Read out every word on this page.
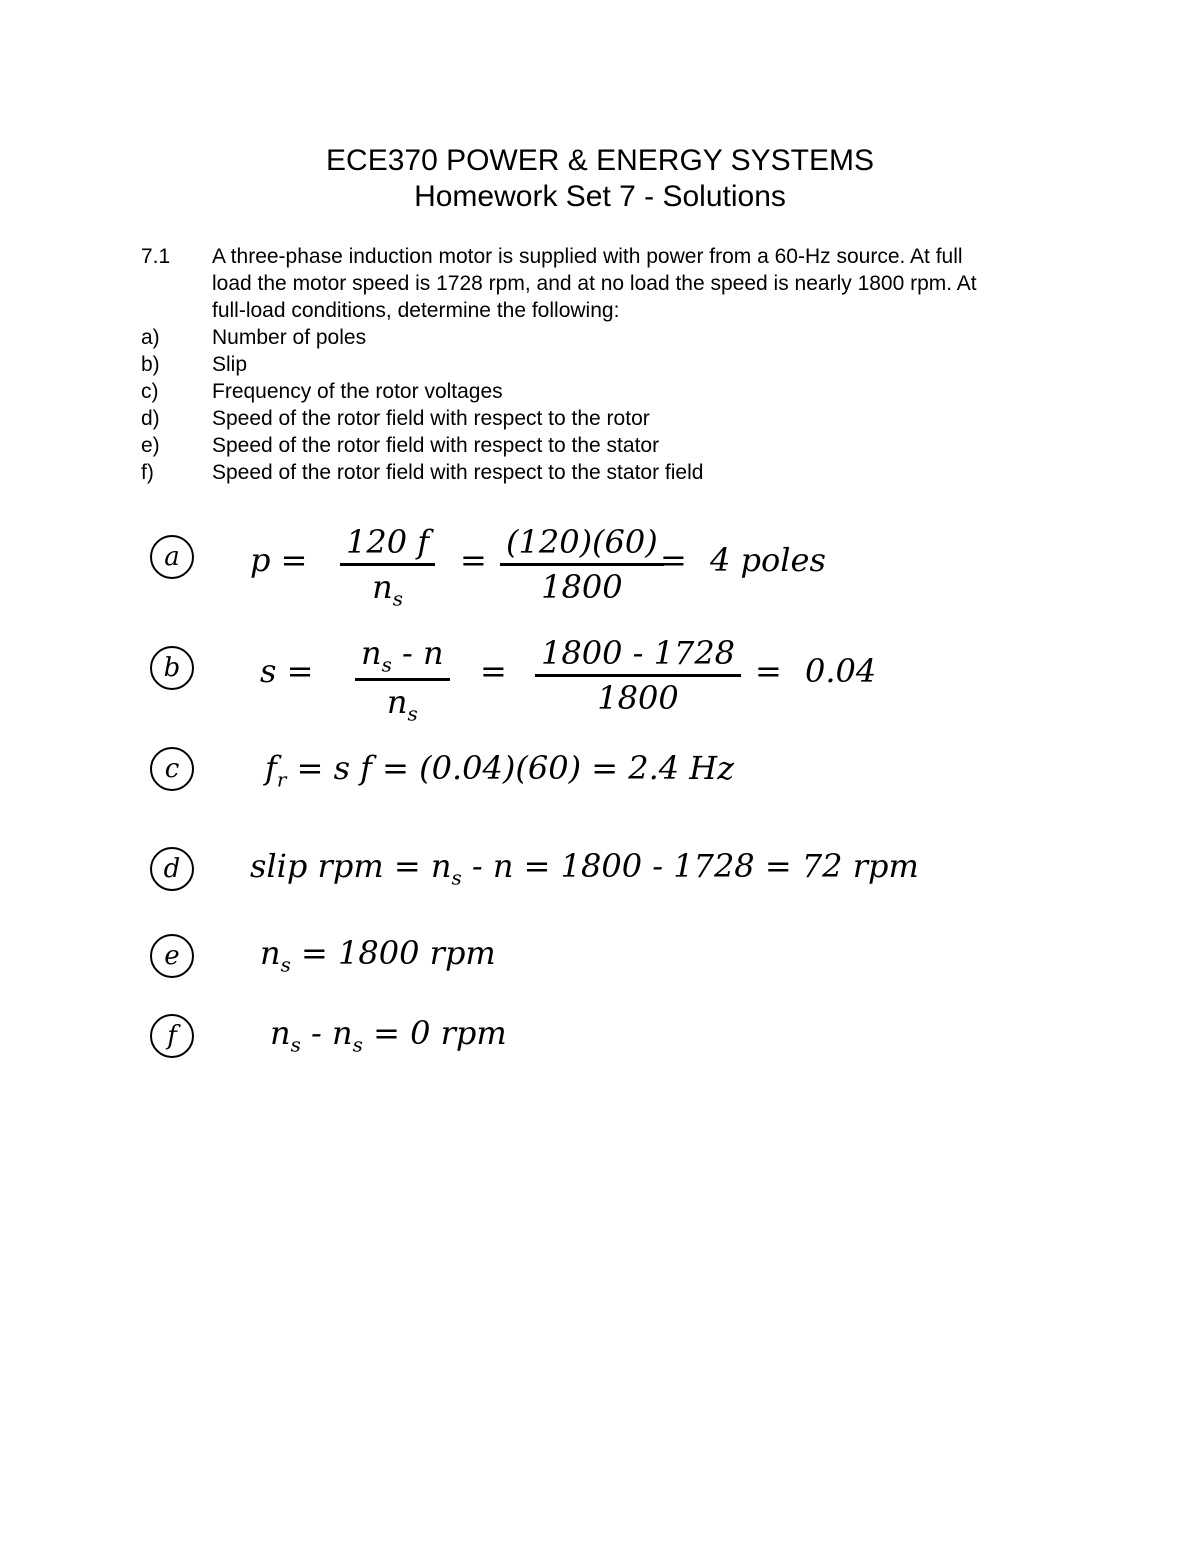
ECE370 POWER & ENERGY SYSTEMS
Homework Set 7 - Solutions
7.1	A three-phase induction motor is supplied with power from a 60-Hz source. At full
load the motor speed is 1728 rpm, and at no load the speed is nearly 1800 rpm. At
full-load conditions, determine the following:
a)	Number of poles
b)	Slip
c)	Frequency of the rotor voltages
d)	Speed of the rotor field with respect to the rotor
e)	Speed of the rotor field with respect to the stator
f)	Speed of the rotor field with respect to the stator field
a	p = 120 f
$n_s$
= (120)(60)
1800
= 4 poles
b	$s = n_s - n$
$n_s$
= 1800 - 1728
1800
= 0.04
c	$f_r = s$ f = (0.04)(60) = 2.4 Hz
d	slip rpm = $n_s - n = 1800 - 1728 = 72$ rpm
e	$n_s = 1800$ rpm
f	$n_s - n_s = 0$ rpm
